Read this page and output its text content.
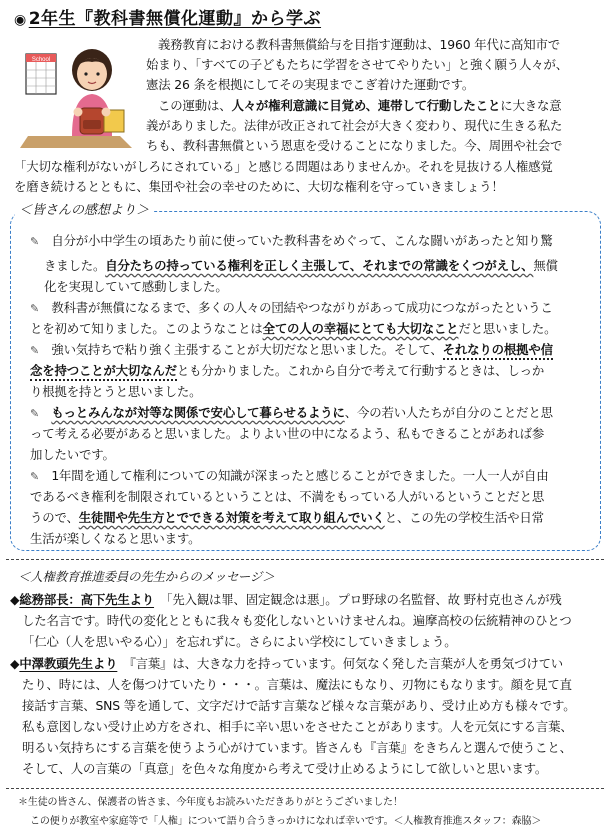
◉ 2年生『教科書無償化運動』から学ぶ
School
義務教育における教科書無償給与を目指す運動は、1960 年代に高知市で
始まり、「すべての子どもたちに学習をさせてやりたい」と強く願う人々が、
憲法 26 条を根拠にしてその実現までこぎ着けた運動です。
この運動は、人々が権利意識に目覚め、連帯して行動したことに大きな意
義がありました。法律が改正されて社会が大きく変わり、現代に生きる私た
ちも、教科書無償という恩恵を受けることになりました。今、周囲や社会で
「大切な権利がないがしろにされている」と感じる問題はありませんか。それを見抜ける人権感覚
を磨き続けるとともに、集団や社会の幸せのために、大切な権利を守っていきましょう！
＜皆さんの感想より＞
✎　 自分が小中学生の頃あたり前に使っていた教科書をめぐって、こんな闘いがあったと知り驚
きました。自分たちの持っている権利を正しく主張して、それまでの常識をくつがえし、無償
化を実現していて感動しました。
✎　 教科書が無償になるまで、多くの人々の団結やつながりがあって成功につながったというこ
とを初めて知りました。このようなことは全ての人の幸福にとても大切なことだと思いました。
✎　 強い気持ちで粘り強く主張することが大切だなと思いました。そして、それなりの根拠や信
念を持つことが大切なんだとも分かりました。これから自分で考えて行動するときは、しっか
り根拠を持とうと思いました。
✎　 もっとみんなが対等な関係で安心して暮らせるように、今の若い人たちが自分のことだと思
って考える必要があると思いました。よりよい世の中になるよう、私もできることがあれば参
加したいです。
✎　 1年間を通して権利についての知識が深まったと感じることができました。一人一人が自由
であるべき権利を制限されているということは、不満をもっている人がいるということだと思
うので、生徒間や先生方とでできる対策を考えて取り組んでいくと、この先の学校生活や日常
生活が楽しくなると思います。
＜人権教育推進委員の先生からのメッセージ＞
◆総務部長：高下先生より　 「先入観は罪、固定観念は悪」。プロ野球の名監督、故 野村克也さんが残
した名言です。時代の変化とともに我々も変化しないといけませんね。遍摩高校の伝統精神のひとつ
「仁心（人を思いやる心）」を忘れずに。さらによい学校にしていきましょう。
◆中澤教頭先生より　 『言葉』は、大きな力を持っています。何気なく発した言葉が人を勇気づけてい
たり、時には、人を傷つけていたり・・・。言葉は、魔法にもなり、刃物にもなります。顔を見て直
接話す言葉、SNS 等を通して、文字だけで話す言葉など様々な言葉があり、受け止め方も様々です。
私も意図しない受け止め方をされ、相手に辛い思いをさせたことがあります。人を元気にする言葉、
明るい気持ちにする言葉を使うよう心がけています。皆さんも『言葉』をきちんと選んで使うこと、
そして、人の言葉の「真意」を色々な角度から考えて受け止めるようにして欲しいと思います。
＊生徒の皆さん、保護者の皆さま、今年度もお読みいただきありがとうございました！
この便りが教室や家庭等で「人権」について語り合うきっかけになれば幸いです。＜人権教育推進スタッフ：森脇＞
